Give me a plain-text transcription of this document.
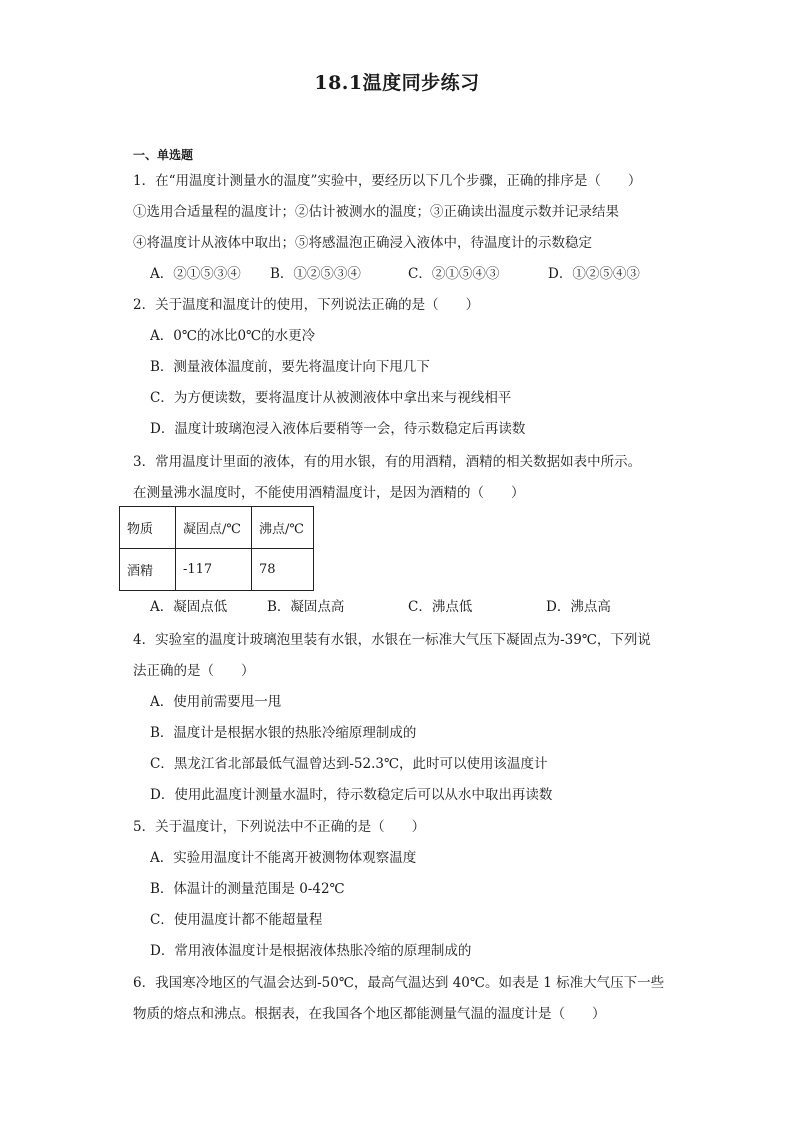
18.1温度同步练习
一、单选题
1．在“用温度计测量水的温度”实验中，要经历以下几个步骤，正确的排序是（　　）
①选用合适量程的温度计；②估计被测水的温度；③正确读出温度示数并记录结果
④将温度计从液体中取出；⑤将感温泡正确浸入液体中，待温度计的示数稳定
A．②①⑤③④ B．①②⑤③④	C．②①⑤④③	D．①②⑤④③
2．关于温度和温度计的使用，下列说法正确的是（　　）
A．0℃的冰比0℃的水更冷
B．测量液体温度前，要先将温度计向下甩几下
C．为方便读数，要将温度计从被测液体中拿出来与视线相平
D．温度计玻璃泡浸入液体后要稍等一会，待示数稳定后再读数
3．常用温度计里面的液体，有的用水银，有的用酒精，酒精的相关数据如表中所示。
在测量沸水温度时，不能使用酒精温度计，是因为酒精的（　　）
物质	凝固点/℃	沸点/℃
酒精	-117	78
A．凝固点低	B．凝固点高	C．沸点低	D．沸点高
4．实验室的温度计玻璃泡里装有水银，水银在一标准大气压下凝固点为-39℃，下列说
法正确的是（　　）
A．使用前需要甩一甩
B．温度计是根据水银的热胀冷缩原理制成的
C．黑龙江省北部最低气温曾达到-52.3℃，此时可以使用该温度计
D．使用此温度计测量水温时，待示数稳定后可以从水中取出再读数
5．关于温度计，下列说法中不正确的是（　　）
A．实验用温度计不能离开被测物体观察温度
B．体温计的测量范围是 0-42℃
C．使用温度计都不能超量程
D．常用液体温度计是根据液体热胀冷缩的原理制成的
6．我国寒冷地区的气温会达到-50℃，最高气温达到 40℃。如表是 1 标准大气压下一些
物质的熔点和沸点。根据表，在我国各个地区都能测量气温的温度计是（　　）
